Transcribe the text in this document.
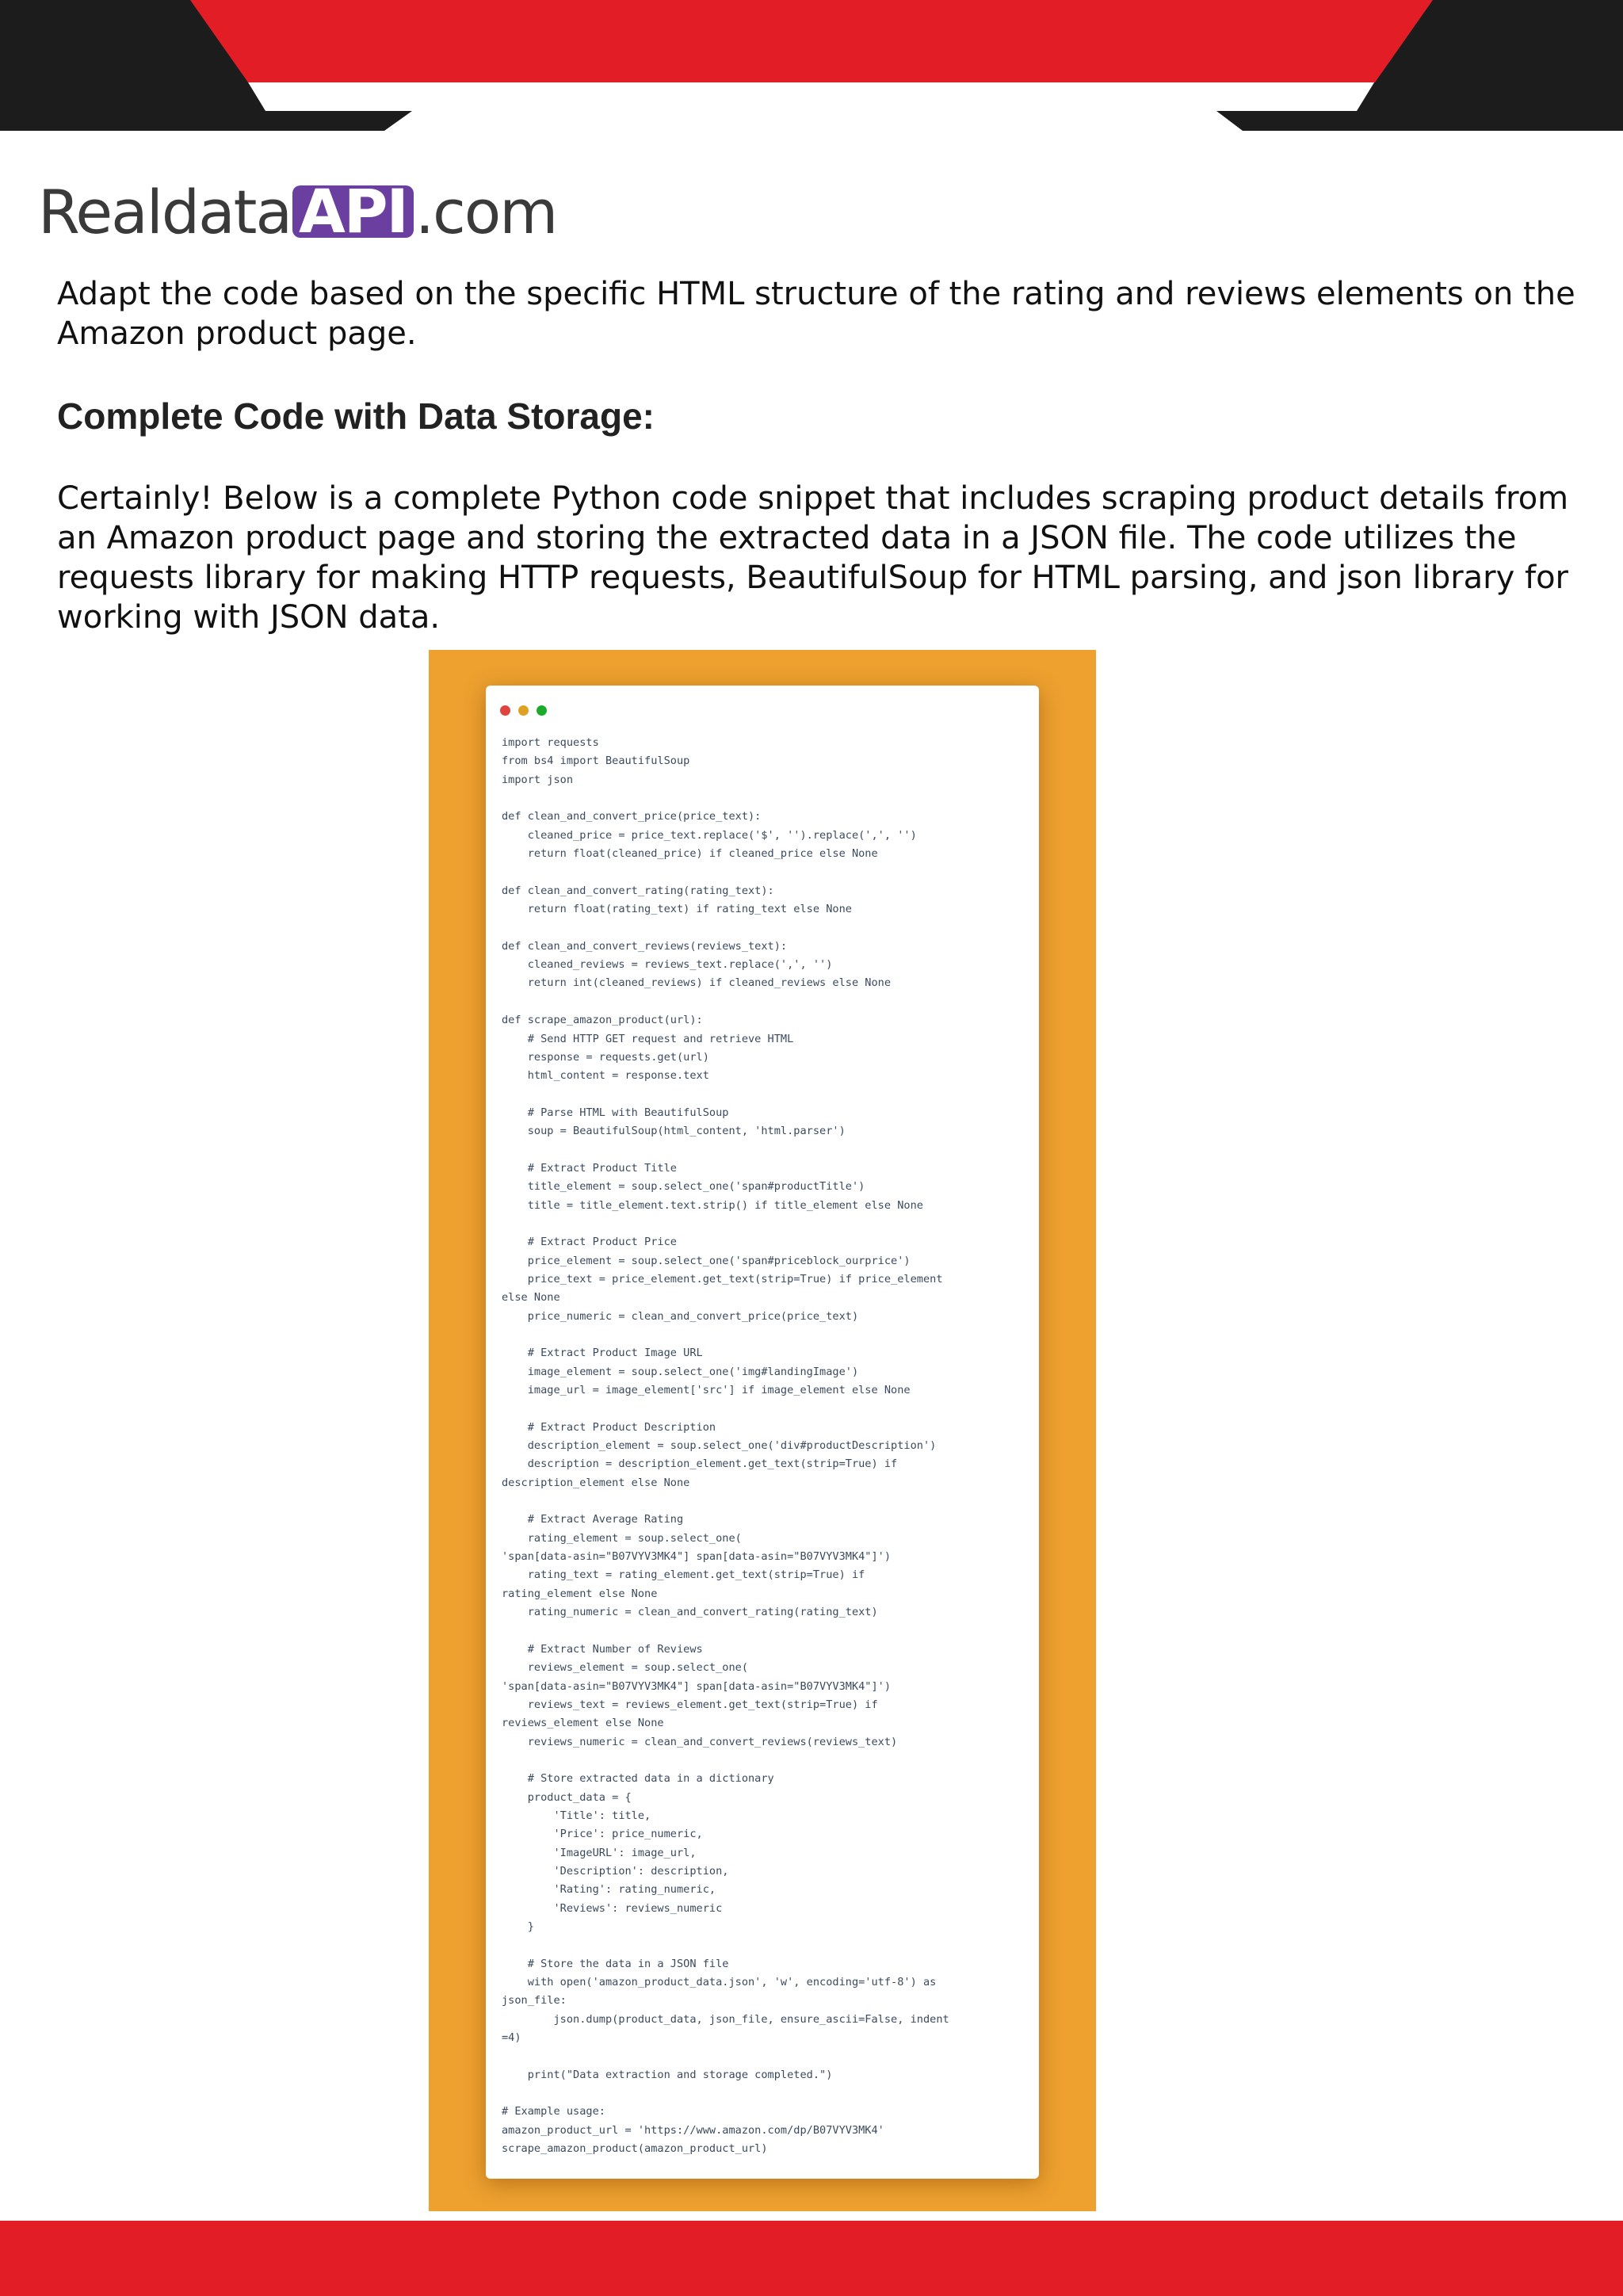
Realdata API .com

Adapt the code based on the specific HTML structure of the rating and reviews elements on the Amazon product page.

Complete Code with Data Storage:

Certainly! Below is a complete Python code snippet that includes scraping product details from an Amazon product page and storing the extracted data in a JSON file. The code utilizes the requests library for making HTTP requests, BeautifulSoup for HTML parsing, and json library for working with JSON data.

import requests
from bs4 import BeautifulSoup
import json

def clean_and_convert_price(price_text):
cleaned_price = price_text.replace('$', '').replace(',', '')
return float(cleaned_price) if cleaned_price else None

def clean_and_convert_rating(rating_text):
return float(rating_text) if rating_text else None

def clean_and_convert_reviews(reviews_text):
cleaned_reviews = reviews_text.replace(',', '')
return int(cleaned_reviews) if cleaned_reviews else None

def scrape_amazon_product(url):
# Send HTTP GET request and retrieve HTML
response = requests.get(url)
html_content = response.text

# Parse HTML with BeautifulSoup
soup = BeautifulSoup(html_content, 'html.parser')

# Extract Product Title
title_element = soup.select_one('span#productTitle')
title = title_element.text.strip() if title_element else None

# Extract Product Price
price_element = soup.select_one('span#priceblock_ourprice')
price_text = price_element.get_text(strip=True) if price_element
else None
price_numeric = clean_and_convert_price(price_text)

# Extract Product Image URL
image_element = soup.select_one('img#landingImage')
image_url = image_element['src'] if image_element else None

# Extract Product Description
description_element = soup.select_one('div#productDescription')
description = description_element.get_text(strip=True) if
description_element else None

# Extract Average Rating
rating_element = soup.select_one(
'span[data-asin="B07VYV3MK4"] span[data-asin="B07VYV3MK4"]')
rating_text = rating_element.get_text(strip=True) if
rating_element else None
rating_numeric = clean_and_convert_rating(rating_text)

# Extract Number of Reviews
reviews_element = soup.select_one(
'span[data-asin="B07VYV3MK4"] span[data-asin="B07VYV3MK4"]')
reviews_text = reviews_element.get_text(strip=True) if
reviews_element else None
reviews_numeric = clean_and_convert_reviews(reviews_text)

# Store extracted data in a dictionary
product_data = {
'Title': title,
'Price': price_numeric,
'ImageURL': image_url,
'Description': description,
'Rating': rating_numeric,
'Reviews': reviews_numeric
}

# Store the data in a JSON file
with open('amazon_product_data.json', 'w', encoding='utf-8') as
json_file:
json.dump(product_data, json_file, ensure_ascii=False, indent
=4)

print("Data extraction and storage completed.")

# Example usage:
amazon_product_url = 'https://www.amazon.com/dp/B07VYV3MK4'
scrape_amazon_product(amazon_product_url)
